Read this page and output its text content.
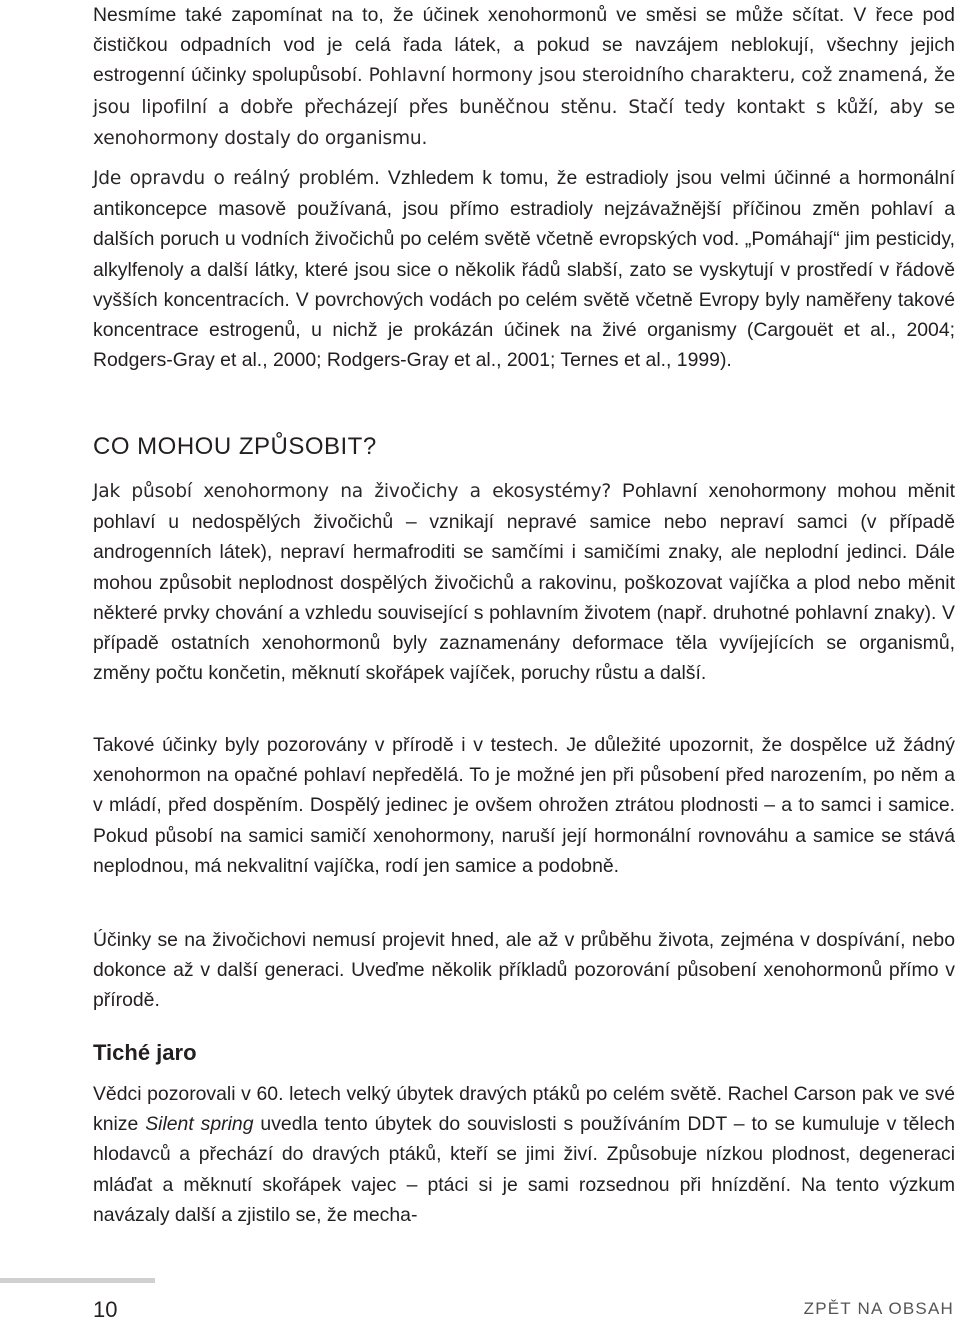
Nesmíme také zapomínat na to, že účinek xenohormonů ve směsi se může sčítat. V řece pod čističkou odpadních vod je celá řada látek, a pokud se navzájem neblokují, všechny jejich estrogenní účinky spolupůsobí. Pohlavní hormony jsou steroidního charakteru, což znamená, že jsou lipofilní a dobře přecházejí přes buněčnou stěnu. Stačí tedy kontakt s kůží, aby se xenohormony dostaly do organismu.

Jde opravdu o reálný problém. Vzhledem k tomu, že estradioly jsou velmi účinné a hormonální antikoncepce masově používaná, jsou přímo estradioly nejzávažnější příčinou změn pohlaví a dalších poruch u vodních živočichů po celém světě včetně evropských vod. „Pomáhají“ jim pesticidy, alkylfenoly a další látky, které jsou sice o několik řádů slabší, zato se vyskytují v prostředí v řádově vyšších koncentracích. V povrchových vodách po celém světě včetně Evropy byly naměřeny takové koncentrace estrogenů, u nichž je prokázán účinek na živé organismy (Cargouët et al., 2004; Rodgers-Gray et al., 2000; Rodgers-Gray et al., 2001; Ternes et al., 1999).

CO MOHOU ZPŮSOBIT?

Jak působí xenohormony na živočichy a ekosystémy? Pohlavní xenohormony mohou měnit pohlaví u nedospělých živočichů – vznikají nepravé samice nebo nepraví samci (v případě androgenních látek), nepraví hermafroditi se samčími i samičími znaky, ale neplodní jedinci. Dále mohou způsobit neplodnost dospělých živočichů a rakovinu, poškozovat vajíčka a plod nebo měnit některé prvky chování a vzhledu související s pohlavním životem (např. druhotné pohlavní znaky). V případě ostatních xenohormonů byly zaznamenány deformace těla vyvíjejících se organismů, změny počtu končetin, měknutí skořápek vajíček, poruchy růstu a další.

Takové účinky byly pozorovány v přírodě i v testech. Je důležité upozornit, že dospělce už žádný xenohormon na opačné pohlaví nepředělá. To je možné jen při působení před narozením, po něm a v mládí, před dospěním. Dospělý jedinec je ovšem ohrožen ztrátou plodnosti – a to samci i samice. Pokud působí na samici samičí xenohormony, naruší její hormonální rovnováhu a samice se stává neplodnou, má nekvalitní vajíčka, rodí jen samice a podobně.

Účinky se na živočichovi nemusí projevit hned, ale až v průběhu života, zejména v dospívání, nebo dokonce až v další generaci. Uveďme několik příkladů pozorování působení xenohormonů přímo v přírodě.

Tiché jaro

Vědci pozorovali v 60. letech velký úbytek dravých ptáků po celém světě. Rachel Carson pak ve své knize Silent spring uvedla tento úbytek do souvislosti s používáním DDT – to se kumuluje v tělech hlodavců a přechází do dravých ptáků, kteří se jimi živí. Způsobuje nízkou plodnost, degeneraci mláďat a měknutí skořápek vajec – ptáci si je sami rozsednou při hnízdění. Na tento výzkum navázaly další a zjistilo se, že mecha-

10	ZPĚT NA OBSAH
